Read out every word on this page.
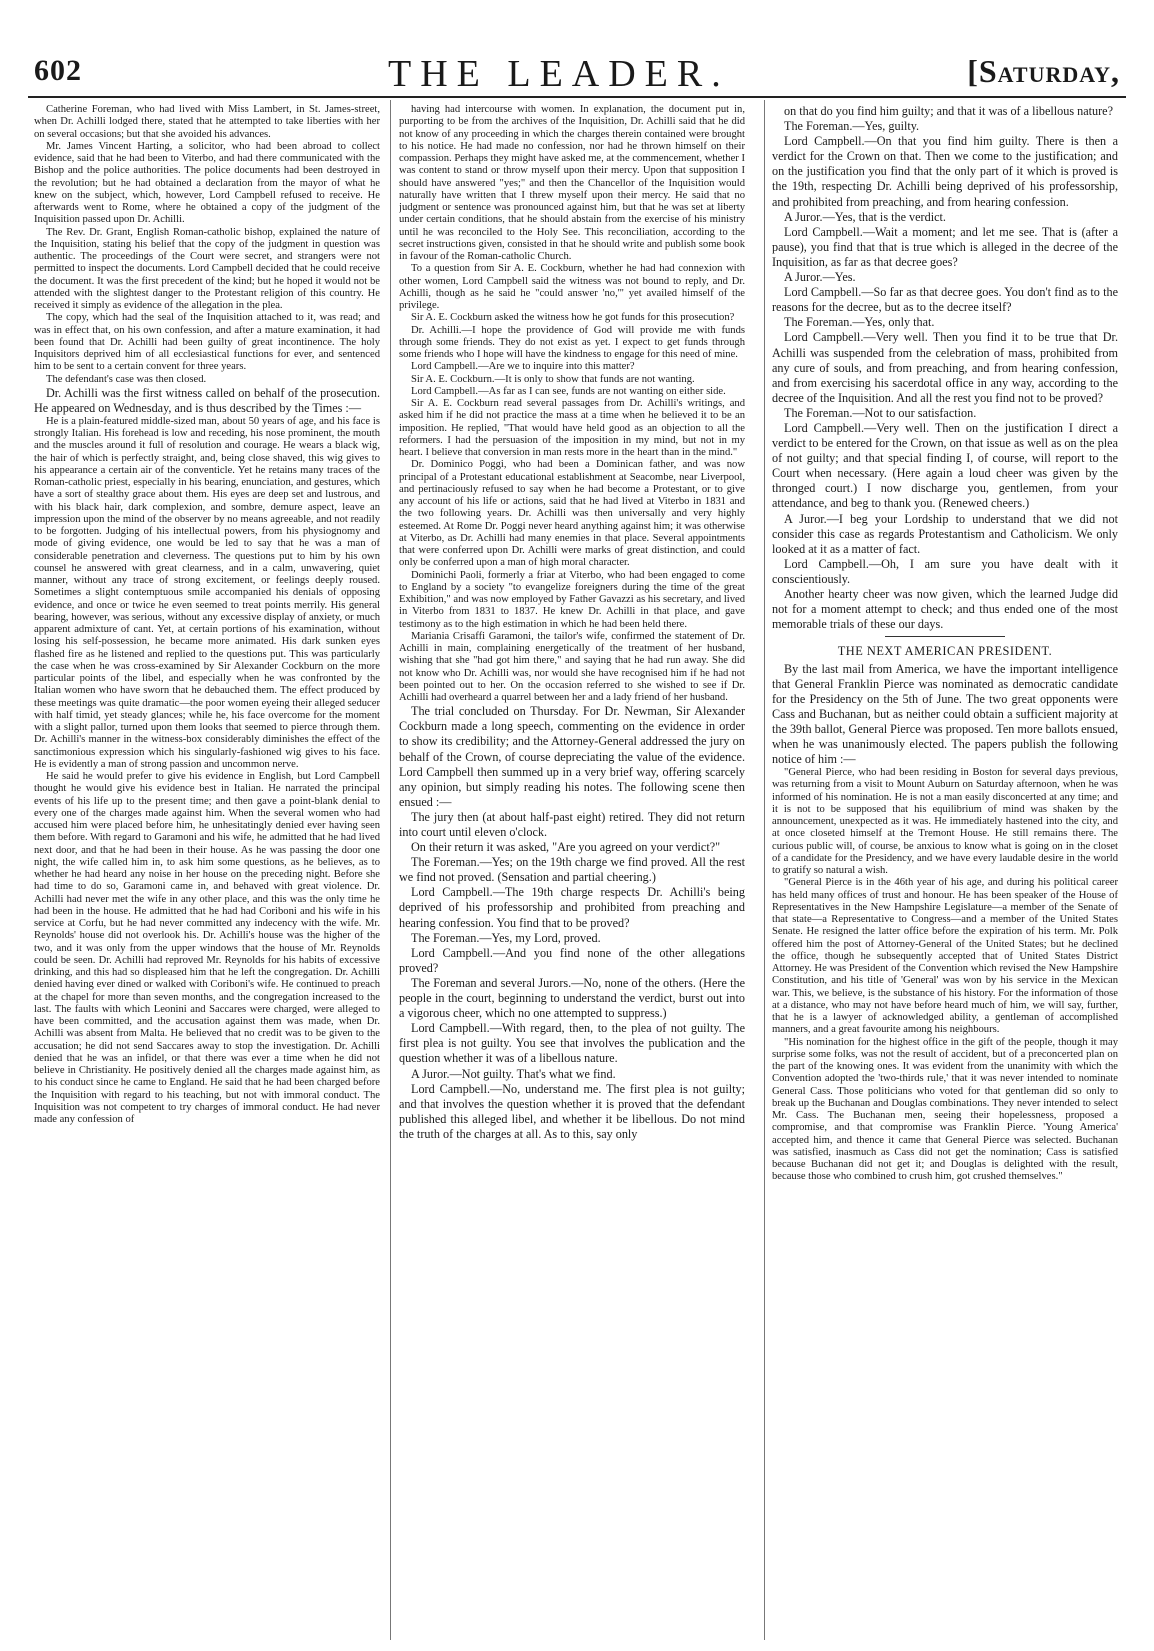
602	THE LEADER.	[Saturday,

Catherine Foreman, who had lived with Miss Lambert, in St. James-street, when Dr. Achilli lodged there, stated that he attempted to take liberties with her on several occasions; but that she avoided his advances.

Mr. James Vincent Harting, a solicitor, who had been abroad to collect evidence, said that he had been to Viterbo, and had there communicated with the Bishop and the police authorities. The police documents had been destroyed in the revolution; but he had obtained a declaration from the mayor of what he knew on the subject, which, however, Lord Campbell refused to receive. He afterwards went to Rome, where he obtained a copy of the judgment of the Inquisition passed upon Dr. Achilli.

The Rev. Dr. Grant, English Roman-catholic bishop, explained the nature of the Inquisition, stating his belief that the copy of the judgment in question was authentic. The proceedings of the Court were secret, and strangers were not permitted to inspect the documents. Lord Campbell decided that he could receive the document. It was the first precedent of the kind; but he hoped it would not be attended with the slightest danger to the Protestant religion of this country. He received it simply as evidence of the allegation in the plea.

The copy, which had the seal of the Inquisition attached to it, was read; and was in effect that, on his own confession, and after a mature examination, it had been found that Dr. Achilli had been guilty of great incontinence. The holy Inquisitors deprived him of all ecclesiastical functions for ever, and sentenced him to be sent to a certain convent for three years.

The defendant's case was then closed.

Dr. Achilli was the first witness called on behalf of the prosecution. He appeared on Wednesday, and is thus described by the Times :—

He is a plain-featured middle-sized man, about 50 years of age, and his face is strongly Italian. His forehead is low and receding, his nose prominent, the mouth and the muscles around it full of resolution and courage. He wears a black wig, the hair of which is perfectly straight, and, being close shaved, this wig gives to his appearance a certain air of the conventicle. Yet he retains many traces of the Roman-catholic priest, especially in his bearing, enunciation, and gestures, which have a sort of stealthy grace about them. His eyes are deep set and lustrous, and with his black hair, dark complexion, and sombre, demure aspect, leave an impression upon the mind of the observer by no means agreeable, and not readily to be forgotten. Judging of his intellectual powers, from his physiognomy and mode of giving evidence, one would be led to say that he was a man of considerable penetration and cleverness. The questions put to him by his own counsel he answered with great clearness, and in a calm, unwavering, quiet manner, without any trace of strong excitement, or feelings deeply roused. Sometimes a slight contemptuous smile accompanied his denials of opposing evidence, and once or twice he even seemed to treat points merrily. His general bearing, however, was serious, without any excessive display of anxiety, or much apparent admixture of cant. Yet, at certain portions of his examination, without losing his self-possession, he became more animated. His dark sunken eyes flashed fire as he listened and replied to the questions put. This was particularly the case when he was cross-examined by Sir Alexander Cockburn on the more particular points of the libel, and especially when he was confronted by the Italian women who have sworn that he debauched them. The effect produced by these meetings was quite dramatic—the poor women eyeing their alleged seducer with half timid, yet steady glances; while he, his face overcome for the moment with a slight pallor, turned upon them looks that seemed to pierce through them. Dr. Achilli's manner in the witness-box considerably diminishes the effect of the sanctimonious expression which his singularly-fashioned wig gives to his face. He is evidently a man of strong passion and uncommon nerve.

He said he would prefer to give his evidence in English, but Lord Campbell thought he would give his evidence best in Italian. He narrated the principal events of his life up to the present time; and then gave a point-blank denial to every one of the charges made against him. When the several women who had accused him were placed before him, he unhesitatingly denied ever having seen them before. With regard to Garamoni and his wife, he admitted that he had lived next door, and that he had been in their house. As he was passing the door one night, the wife called him in, to ask him some questions, as he believes, as to whether he had heard any noise in her house on the preceding night. Before she had time to do so, Garamoni came in, and behaved with great violence. Dr. Achilli had never met the wife in any other place, and this was the only time he had been in the house. He admitted that he had had Coriboni and his wife in his service at Corfu, but he had never committed any indecency with the wife. Mr. Reynolds' house did not overlook his. Dr. Achilli's house was the higher of the two, and it was only from the upper windows that the house of Mr. Reynolds could be seen. Dr. Achilli had reproved Mr. Reynolds for his habits of excessive drinking, and this had so displeased him that he left the congregation. Dr. Achilli denied having ever dined or walked with Coriboni's wife. He continued to preach at the chapel for more than seven months, and the congregation increased to the last. The faults with which Leonini and Saccares were charged, were alleged to have been committed, and the accusation against them was made, when Dr. Achilli was absent from Malta. He believed that no credit was to be given to the accusation; he did not send Saccares away to stop the investigation. Dr. Achilli denied that he was an infidel, or that there was ever a time when he did not believe in Christianity. He positively denied all the charges made against him, as to his conduct since he came to England. He said that he had been charged before the Inquisition with regard to his teaching, but not with immoral conduct. The Inquisition was not competent to try charges of immoral conduct. He had never made any confession of

having had intercourse with women. In explanation, the document put in, purporting to be from the archives of the Inquisition, Dr. Achilli said that he did not know of any proceeding in which the charges therein contained were brought to his notice. He had made no confession, nor had he thrown himself on their compassion. Perhaps they might have asked me, at the commencement, whether I was content to stand or throw myself upon their mercy. Upon that supposition I should have answered "yes;" and then the Chancellor of the Inquisition would naturally have written that I threw myself upon their mercy. He said that no judgment or sentence was pronounced against him, but that he was set at liberty under certain conditions, that he should abstain from the exercise of his ministry until he was reconciled to the Holy See. This reconciliation, according to the secret instructions given, consisted in that he should write and publish some book in favour of the Roman-catholic Church.

To a question from Sir A. E. Cockburn, whether he had had connexion with other women, Lord Campbell said the witness was not bound to reply, and Dr. Achilli, though as he said he "could answer 'no,'" yet availed himself of the privilege.

Sir A. E. Cockburn asked the witness how he got funds for this prosecution?

Dr. Achilli.—I hope the providence of God will provide me with funds through some friends. They do not exist as yet. I expect to get funds through some friends who I hope will have the kindness to engage for this need of mine.

Lord Campbell.—Are we to inquire into this matter?

Sir A. E. Cockburn.—It is only to show that funds are not wanting.

Lord Campbell.—As far as I can see, funds are not wanting on either side.

Sir A. E. Cockburn read several passages from Dr. Achilli's writings, and asked him if he did not practice the mass at a time when he believed it to be an imposition. He replied, "That would have held good as an objection to all the reformers. I had the persuasion of the imposition in my mind, but not in my heart. I believe that conversion in man rests more in the heart than in the mind."

Dr. Dominico Poggi, who had been a Dominican father, and was now principal of a Protestant educational establishment at Seacombe, near Liverpool, and pertinaciously refused to say when he had become a Protestant, or to give any account of his life or actions, said that he had lived at Viterbo in 1831 and the two following years. Dr. Achilli was then universally and very highly esteemed. At Rome Dr. Poggi never heard anything against him; it was otherwise at Viterbo, as Dr. Achilli had many enemies in that place. Several appointments that were conferred upon Dr. Achilli were marks of great distinction, and could only be conferred upon a man of high moral character.

Dominichi Paoli, formerly a friar at Viterbo, who had been engaged to come to England by a society "to evangelize foreigners during the time of the great Exhibition," and was now employed by Father Gavazzi as his secretary, and lived in Viterbo from 1831 to 1837. He knew Dr. Achilli in that place, and gave testimony as to the high estimation in which he had been held there.

Mariania Crisaffi Garamoni, the tailor's wife, confirmed the statement of Dr. Achilli in main, complaining energetically of the treatment of her husband, wishing that she "had got him there," and saying that he had run away. She did not know who Dr. Achilli was, nor would she have recognised him if he had not been pointed out to her. On the occasion referred to she wished to see if Dr. Achilli had overheard a quarrel between her and a lady friend of her husband.

The trial concluded on Thursday. For Dr. Newman, Sir Alexander Cockburn made a long speech, commenting on the evidence in order to show its credibility; and the Attorney-General addressed the jury on behalf of the Crown, of course depreciating the value of the evidence. Lord Campbell then summed up in a very brief way, offering scarcely any opinion, but simply reading his notes. The following scene then ensued :—

The jury then (at about half-past eight) retired. They did not return into court until eleven o'clock.

On their return it was asked, "Are you agreed on your verdict?"

The Foreman.—Yes; on the 19th charge we find proved. All the rest we find not proved. (Sensation and partial cheering.)

Lord Campbell.—The 19th charge respects Dr. Achilli's being deprived of his professorship and prohibited from preaching and hearing confession. You find that to be proved?

The Foreman.—Yes, my Lord, proved.

Lord Campbell.—And you find none of the other allegations proved?

The Foreman and several Jurors.—No, none of the others. (Here the people in the court, beginning to understand the verdict, burst out into a vigorous cheer, which no one attempted to suppress.)

Lord Campbell.—With regard, then, to the plea of not guilty. The first plea is not guilty. You see that involves the publication and the question whether it was of a libellous nature.

A Juror.—Not guilty. That's what we find.

Lord Campbell.—No, understand me. The first plea is not guilty; and that involves the question whether it is proved that the defendant published this alleged libel, and whether it be libellous. Do not mind the truth of the charges at all. As to this, say only

on that do you find him guilty; and that it was of a libellous nature?

The Foreman.—Yes, guilty.

Lord Campbell.—On that you find him guilty. There is then a verdict for the Crown on that. Then we come to the justification; and on the justification you find that the only part of it which is proved is the 19th, respecting Dr. Achilli being deprived of his professorship, and prohibited from preaching, and from hearing confession.

A Juror.—Yes, that is the verdict.

Lord Campbell.—Wait a moment; and let me see. That is (after a pause), you find that that is true which is alleged in the decree of the Inquisition, as far as that decree goes?

A Juror.—Yes.

Lord Campbell.—So far as that decree goes. You don't find as to the reasons for the decree, but as to the decree itself?

The Foreman.—Yes, only that.

Lord Campbell.—Very well. Then you find it to be true that Dr. Achilli was suspended from the celebration of mass, prohibited from any cure of souls, and from preaching, and from hearing confession, and from exercising his sacerdotal office in any way, according to the decree of the Inquisition. And all the rest you find not to be proved?

The Foreman.—Not to our satisfaction.

Lord Campbell.—Very well. Then on the justification I direct a verdict to be entered for the Crown, on that issue as well as on the plea of not guilty; and that special finding I, of course, will report to the Court when necessary. (Here again a loud cheer was given by the thronged court.) I now discharge you, gentlemen, from your attendance, and beg to thank you. (Renewed cheers.)

A Juror.—I beg your Lordship to understand that we did not consider this case as regards Protestantism and Catholicism. We only looked at it as a matter of fact.

Lord Campbell.—Oh, I am sure you have dealt with it conscientiously.

Another hearty cheer was now given, which the learned Judge did not for a moment attempt to check; and thus ended one of the most memorable trials of these our days.

THE NEXT AMERICAN PRESIDENT.

By the last mail from America, we have the important intelligence that General Franklin Pierce was nominated as democratic candidate for the Presidency on the 5th of June. The two great opponents were Cass and Buchanan, but as neither could obtain a sufficient majority at the 39th ballot, General Pierce was proposed. Ten more ballots ensued, when he was unanimously elected. The papers publish the following notice of him :—

"General Pierce, who had been residing in Boston for several days previous, was returning from a visit to Mount Auburn on Saturday afternoon, when he was informed of his nomination. He is not a man easily disconcerted at any time; and it is not to be supposed that his equilibrium of mind was shaken by the announcement, unexpected as it was. He immediately hastened into the city, and at once closeted himself at the Tremont House. He still remains there. The curious public will, of course, be anxious to know what is going on in the closet of a candidate for the Presidency, and we have every laudable desire in the world to gratify so natural a wish.

"General Pierce is in the 46th year of his age, and during his political career has held many offices of trust and honour. He has been speaker of the House of Representatives in the New Hampshire Legislature—a member of the Senate of that state—a Representative to Congress—and a member of the United States Senate. He resigned the latter office before the expiration of his term. Mr. Polk offered him the post of Attorney-General of the United States; but he declined the office, though he subsequently accepted that of United States District Attorney. He was President of the Convention which revised the New Hampshire Constitution, and his title of 'General' was won by his service in the Mexican war. This, we believe, is the substance of his history. For the information of those at a distance, who may not have before heard much of him, we will say, further, that he is a lawyer of acknowledged ability, a gentleman of accomplished manners, and a great favourite among his neighbours.

"His nomination for the highest office in the gift of the people, though it may surprise some folks, was not the result of accident, but of a preconcerted plan on the part of the knowing ones. It was evident from the unanimity with which the Convention adopted the 'two-thirds rule,' that it was never intended to nominate General Cass. Those politicians who voted for that gentleman did so only to break up the Buchanan and Douglas combinations. They never intended to select Mr. Cass. The Buchanan men, seeing their hopelessness, proposed a compromise, and that compromise was Franklin Pierce. 'Young America' accepted him, and thence it came that General Pierce was selected. Buchanan was satisfied, inasmuch as Cass did not get the nomination; Cass is satisfied because Buchanan did not get it; and Douglas is delighted with the result, because those who combined to crush him, got crushed themselves."
